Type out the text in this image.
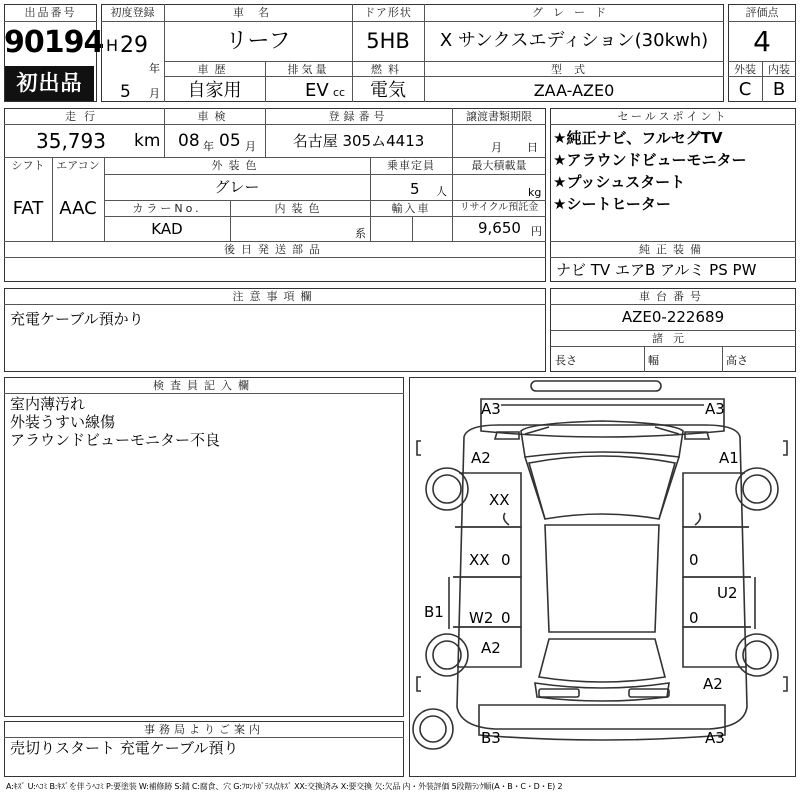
出品番号
90194
初出品
初度登録
H 29
年
5 月
車名
リーフ
ドア形状
5HB
グレード
X サンクスエディション(30kwh)
車歴
自家用
排気量
EV cc
燃料
電気
型式
ZAA-AZE0
評価点
4
外装	内装
C	B
走行
35,793 km
車検
08 年 05 月
登録番号
名古屋 305ム4413
譲渡書類期限
月 日
シフト
FAT
エアコン
AAC
外装色
グレー
乗車定員
5 人
最大積載量
kg
カラーNo.
KAD
内装色
系
輸入車	リサイクル預託金
9,650 円
後日発送部品
セールスポイント
★純正ナビ、フルセグTV
★アラウンドビューモニター
★プッシュスタート
★シートヒーター
純正装備
ナビ TV エアB アルミ PS PW
注意事項欄
充電ケーブル預かり
車台番号
AZE0-222689
諸元
長さ	幅	高さ
検査員記入欄
室内薄汚れ
外装うすい線傷
アラウンドビューモニター不良
事務局よりご案内
売切りスタート 充電ケーブル預り
A3	A3
A2	A1
XX
XX 0	0
B1 W2 0
U2
0
A2
A2
B3	A3
A:ｷｽﾞ U:ﾍｺﾐ B:ｷｽﾞを伴うﾍｺﾐ P:要塗装 W:補修跡 S:錆 C:腐食、穴 G:ﾌﾛﾝﾄｶﾞﾗｽ点ｷｽﾞ XX:交換済み X:要交換 欠:欠品 内・外装評価 5段階ﾗﾝｸ順(A・B・C・D・E) 2
